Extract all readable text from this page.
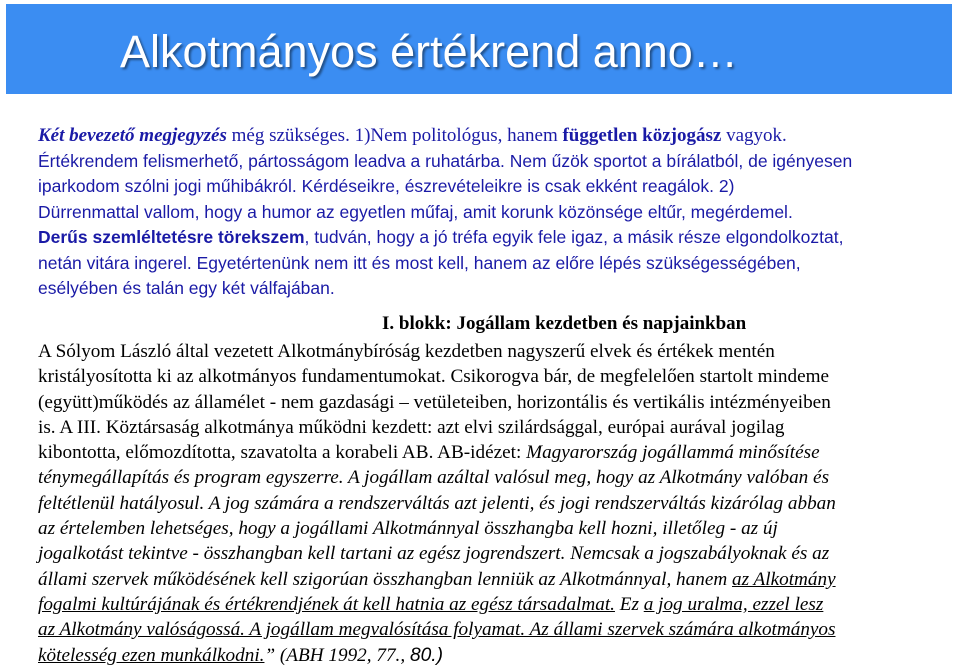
Alkotmányos értékrend anno…
Két bevezető megjegyzés még szükséges. 1)Nem politológus, hanem független közjogász vagyok.
Értékrendem felismerhető, pártosságom leadva a ruhatárba. Nem űzök sportot a bírálatból, de igényesen
iparkodom szólni jogi műhibákról. Kérdéseikre, észrevételeikre is csak ekként reagálok. 2)
Dürrenmattal vallom, hogy a humor az egyetlen műfaj, amit korunk közönsége eltűr, megérdemel.
Derűs szemléltetésre törekszem, tudván, hogy a jó tréfa egyik fele igaz, a másik része elgondolkoztat,
netán vitára ingerel. Egyetértenünk nem itt és most kell, hanem az előre lépés szükségességében,
esélyében és talán egy két válfajában.
I. blokk: Jogállam kezdetben és napjainkban
A Sólyom László által vezetett Alkotmánybíróság kezdetben nagyszerű elvek és értékek mentén
kristályosította ki az alkotmányos fundamentumokat. Csikorogva bár, de megfelelően startolt mindeme
(együtt)működés az államélet - nem gazdasági – vetületeiben, horizontális és vertikális intézményeiben
is. A III. Köztársaság alkotmánya működni kezdett: azt elvi szilárdsággal, európai aurával jogilag
kibontotta, előmozdította, szavatolta a korabeli AB. AB-idézet: Magyarország jogállammá minősítése
ténymegállapítás és program egyszerre. A jogállam azáltal valósul meg, hogy az Alkotmány valóban és
feltétlenül hatályosul. A jog számára a rendszerváltás azt jelenti, és jogi rendszerváltás kizárólag abban
az értelemben lehetséges, hogy a jogállami Alkotmánnyal összhangba kell hozni, illetőleg - az új
jogalkotást tekintve - összhangban kell tartani az egész jogrendszert. Nemcsak a jogszabályoknak és az
állami szervek működésének kell szigorúan összhangban lenniük az Alkotmánnyal, hanem az Alkotmány
fogalmi kultúrájának és értékrendjének át kell hatnia az egész társadalmat. Ez a jog uralma, ezzel lesz
az Alkotmány valóságossá. A jogállam megvalósítása folyamat. Az állami szervek számára alkotmányos
kötelesség ezen munkálkodni.” (ABH 1992, 77., 80.)
